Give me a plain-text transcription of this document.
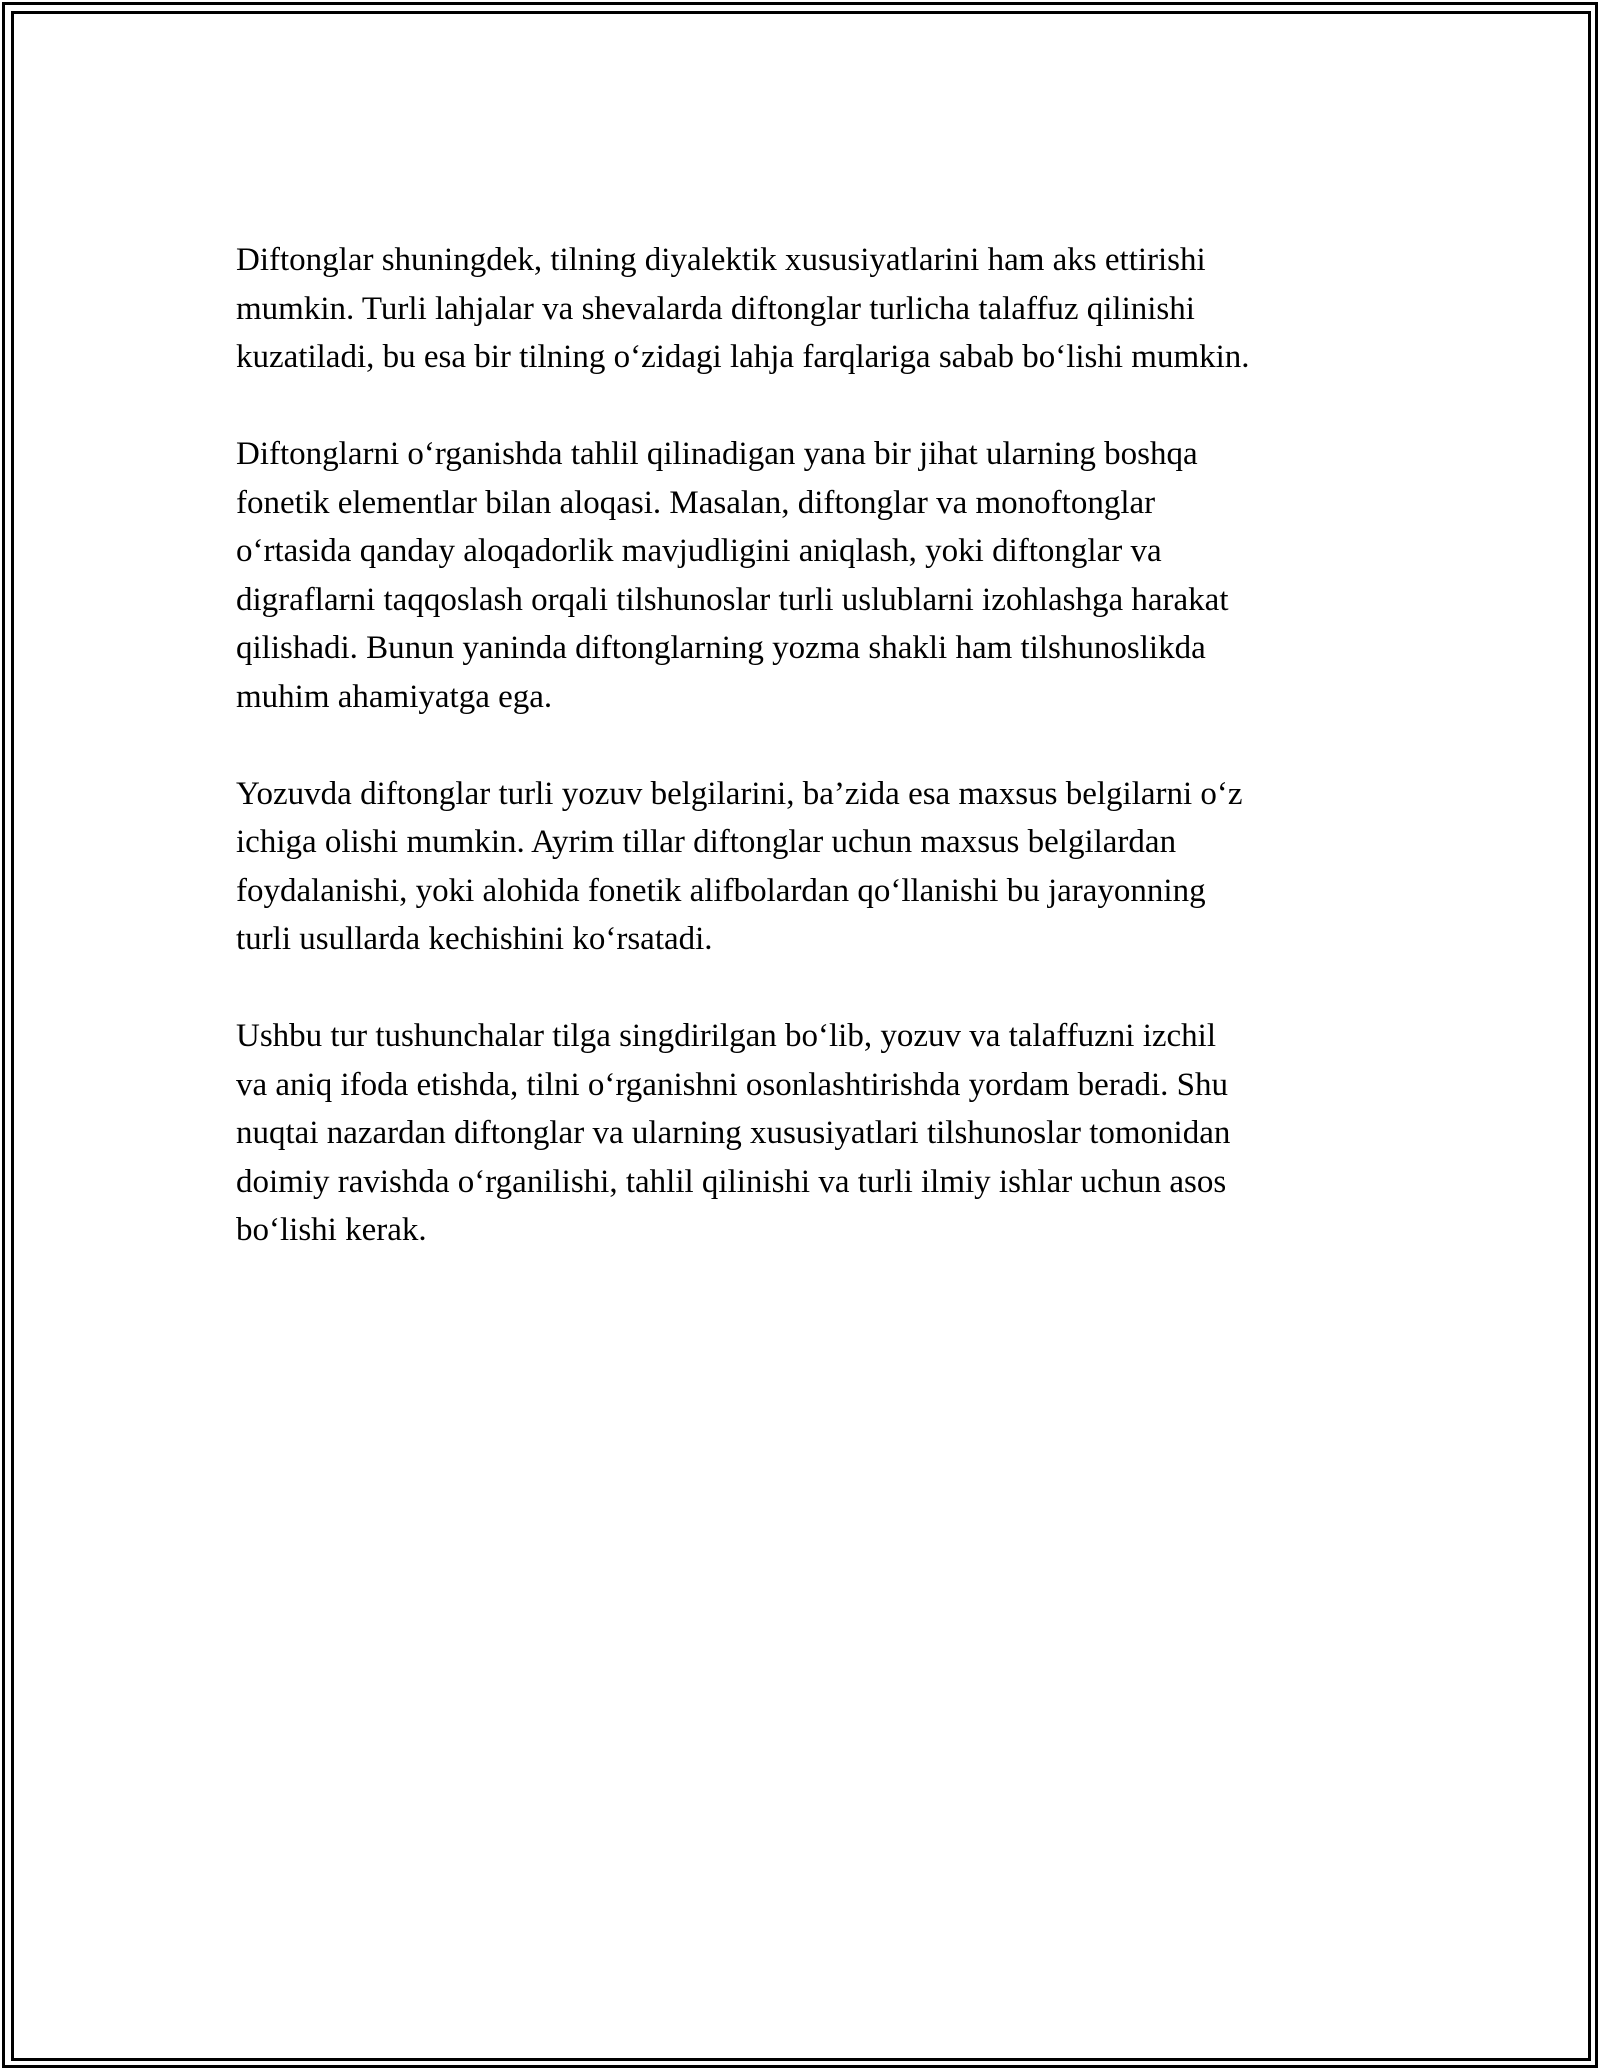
Diftonglar shuningdek, tilning diyalektik xususiyatlarini ham aks ettirishi
mumkin. Turli lahjalar va shevalarda diftonglar turlicha talaffuz qilinishi
kuzatiladi, bu esa bir tilning o‘zidagi lahja farqlariga sabab bo‘lishi mumkin.

Diftonglarni o‘rganishda tahlil qilinadigan yana bir jihat ularning boshqa
fonetik elementlar bilan aloqasi. Masalan, diftonglar va monoftonglar
o‘rtasida qanday aloqadorlik mavjudligini aniqlash, yoki diftonglar va
digraflarni taqqoslash orqali tilshunoslar turli uslublarni izohlashga harakat
qilishadi. Bunun yaninda diftonglarning yozma shakli ham tilshunoslikda
muhim ahamiyatga ega.

Yozuvda diftonglar turli yozuv belgilarini, ba’zida esa maxsus belgilarni o‘z
ichiga olishi mumkin. Ayrim tillar diftonglar uchun maxsus belgilardan
foydalanishi, yoki alohida fonetik alifbolardan qo‘llanishi bu jarayonning
turli usullarda kechishini ko‘rsatadi.

Ushbu tur tushunchalar tilga singdirilgan bo‘lib, yozuv va talaffuzni izchil
va aniq ifoda etishda, tilni o‘rganishni osonlashtirishda yordam beradi. Shu
nuqtai nazardan diftonglar va ularning xususiyatlari tilshunoslar tomonidan
doimiy ravishda o‘rganilishi, tahlil qilinishi va turli ilmiy ishlar uchun asos
bo‘lishi kerak.
